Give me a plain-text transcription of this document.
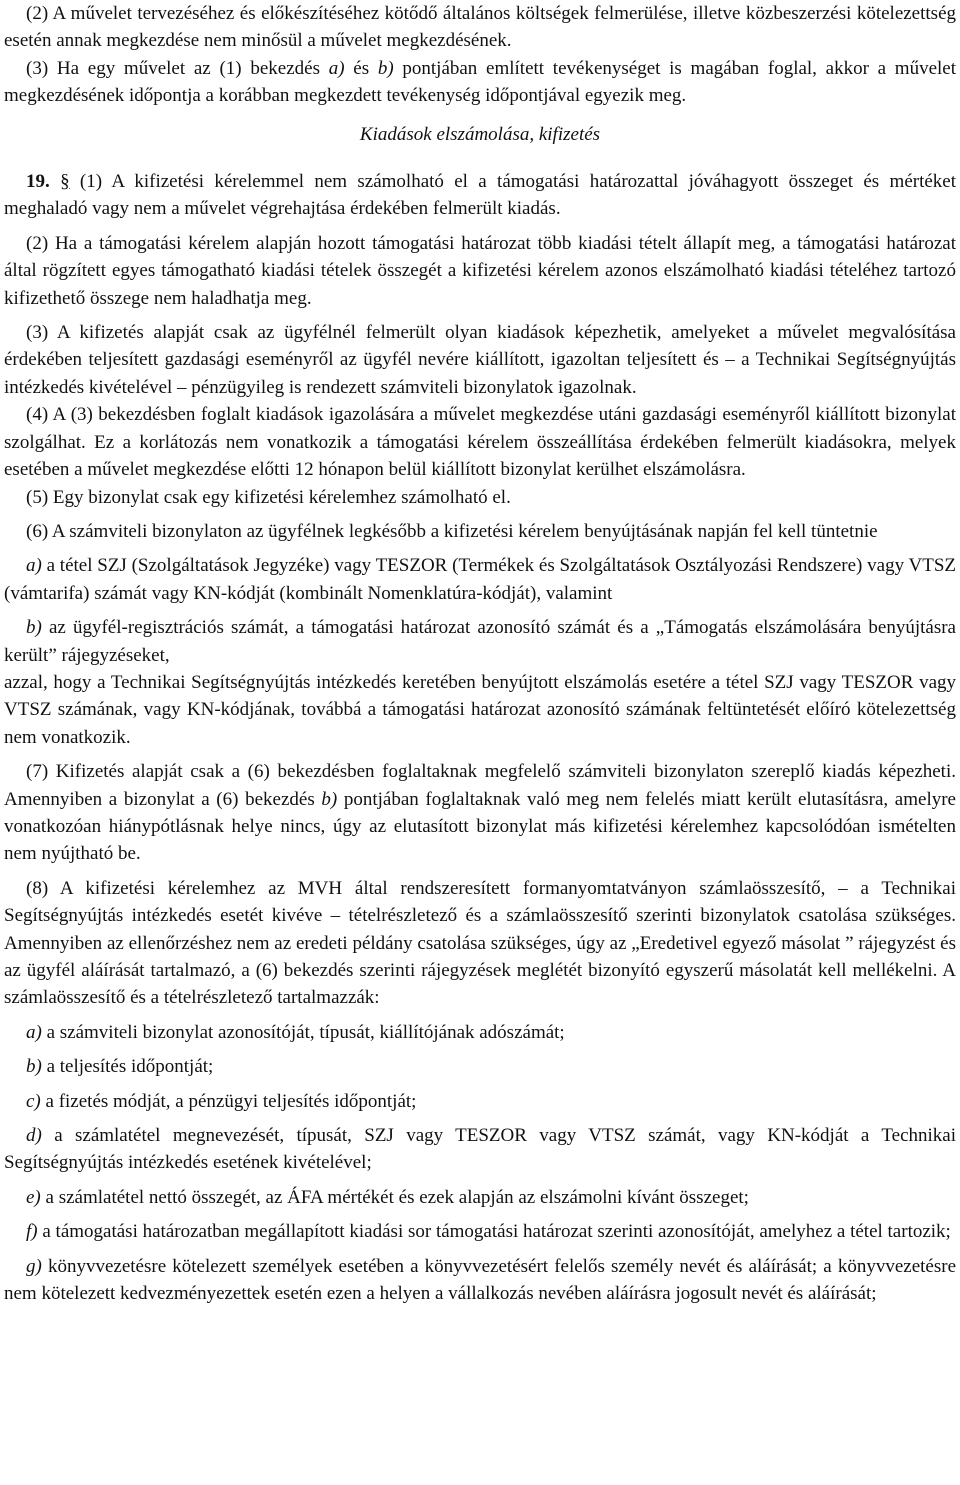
(2) A művelet tervezéséhez és előkészítéséhez kötődő általános költségek felmerülése, illetve közbeszerzési kötelezettség esetén annak megkezdése nem minősül a művelet megkezdésének.

(3) Ha egy művelet az (1) bekezdés a) és b) pontjában említett tevékenységet is magában foglal, akkor a művelet megkezdésének időpontja a korábban megkezdett tevékenység időpontjával egyezik meg.

Kiadások elszámolása, kifizetés

19. § (1) A kifizetési kérelemmel nem számolható el a támogatási határozattal jóváhagyott összeget és mértéket meghaladó vagy nem a művelet végrehajtása érdekében felmerült kiadás.

(2) Ha a támogatási kérelem alapján hozott támogatási határozat több kiadási tételt állapít meg, a támogatási határozat által rögzített egyes támogatható kiadási tételek összegét a kifizetési kérelem azonos elszámolható kiadási tételéhez tartozó kifizethető összege nem haladhatja meg.

(3) A kifizetés alapját csak az ügyfélnél felmerült olyan kiadások képezhetik, amelyeket a művelet megvalósítása érdekében teljesített gazdasági eseményről az ügyfél nevére kiállított, igazoltan teljesített és – a Technikai Segítségnyújtás intézkedés kivételével – pénzügyileg is rendezett számviteli bizonylatok igazolnak.

(4) A (3) bekezdésben foglalt kiadások igazolására a művelet megkezdése utáni gazdasági eseményről kiállított bizonylat szolgálhat. Ez a korlátozás nem vonatkozik a támogatási kérelem összeállítása érdekében felmerült kiadásokra, melyek esetében a művelet megkezdése előtti 12 hónapon belül kiállított bizonylat kerülhet elszámolásra.

(5) Egy bizonylat csak egy kifizetési kérelemhez számolható el.

(6) A számviteli bizonylaton az ügyfélnek legkésőbb a kifizetési kérelem benyújtásának napján fel kell tüntetnie

a) a tétel SZJ (Szolgáltatások Jegyzéke) vagy TESZOR (Termékek és Szolgáltatások Osztályozási Rendszere) vagy VTSZ (vámtarifa) számát vagy KN-kódját (kombinált Nomenklatúra-kódját), valamint

b) az ügyfél-regisztrációs számát, a támogatási határozat azonosító számát és a „Támogatás elszámolására benyújtásra került” rájegyzéseket,

azzal, hogy a Technikai Segítségnyújtás intézkedés keretében benyújtott elszámolás esetére a tétel SZJ vagy TESZOR vagy VTSZ számának, vagy KN-kódjának, továbbá a támogatási határozat azonosító számának feltüntetését előíró kötelezettség nem vonatkozik.

(7) Kifizetés alapját csak a (6) bekezdésben foglaltaknak megfelelő számviteli bizonylaton szereplő kiadás képezheti. Amennyiben a bizonylat a (6) bekezdés b) pontjában foglaltaknak való meg nem felelés miatt került elutasításra, amelyre vonatkozóan hiánypótlásnak helye nincs, úgy az elutasított bizonylat más kifizetési kérelemhez kapcsolódóan ismételten nem nyújtható be.

(8) A kifizetési kérelemhez az MVH által rendszeresített formanyomtatványon számlaösszesítő, – a Technikai Segítségnyújtás intézkedés esetét kivéve – tételrészletező és a számlaösszesítő szerinti bizonylatok csatolása szükséges. Amennyiben az ellenőrzéshez nem az eredeti példány csatolása szükséges, úgy az „Eredetivel egyező másolat ” rájegyzést és az ügyfél aláírását tartalmazó, a (6) bekezdés szerinti rájegyzések meglétét bizonyító egyszerű másolatát kell mellékelni. A számlaösszesítő és a tételrészletező tartalmazzák:

a) a számviteli bizonylat azonosítóját, típusát, kiállítójának adószámát;

b) a teljesítés időpontját;

c) a fizetés módját, a pénzügyi teljesítés időpontját;

d) a számlatétel megnevezését, típusát, SZJ vagy TESZOR vagy VTSZ számát, vagy KN-kódját a Technikai Segítségnyújtás intézkedés esetének kivételével;

e) a számlatétel nettó összegét, az ÁFA mértékét és ezek alapján az elszámolni kívánt összeget;

f) a támogatási határozatban megállapított kiadási sor támogatási határozat szerinti azonosítóját, amelyhez a tétel tartozik;

g) könyvvezetésre kötelezett személyek esetében a könyvvezetésért felelős személy nevét és aláírását; a könyvvezetésre nem kötelezett kedvezményezettek esetén ezen a helyen a vállalkozás nevében aláírásra jogosult nevét és aláírását;
